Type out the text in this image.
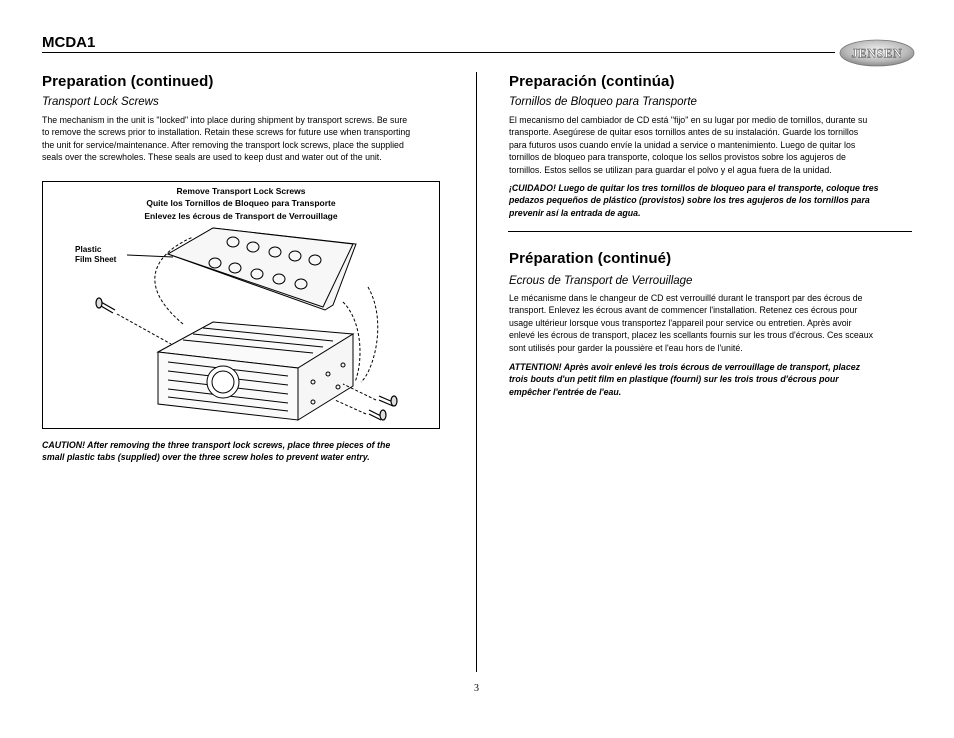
MCDA1
JENSEN
Preparation (continued)
Transport Lock Screws

The mechanism in the unit is "locked" into place during shipment by transport screws. Be sure

to remove the screws prior to installation. Retain these screws for future use when transporting

the unit for service/maintenance. After removing the transport lock screws, place the supplied

seals over the screwholes. These seals are used to keep dust and water out of the unit.

Remove Transport Lock Screws
Quite los Tornillos de Bloqueo para Transporte
Enlevez les écrous de Transport de Verrouillage
Plastic
Film Sheet

CAUTION! After removing the three transport lock screws, place three pieces of the

small plastic tabs (supplied) over the three screw holes to prevent water entry.

Preparación (continúa)
Tornillos de Bloqueo para Transporte

El mecanismo del cambiador de CD está "fijo" en su lugar por medio de tornillos, durante su

transporte. Asegúrese de quitar esos tornillos antes de su instalación. Guarde los tornillos

para futuros usos cuando envíe la unidad a service o mantenimiento. Luego de quitar los

tornillos de bloqueo para transporte, coloque los sellos provistos sobre los agujeros de

tornillos. Estos sellos se utilizan para guardar el polvo y el agua fuera de la unidad.

¡CUIDADO! Luego de quitar los tres tornillos de bloqueo para el transporte, coloque tres

pedazos pequeños de plástico (provistos) sobre los tres agujeros de los tornillos para

prevenir así la entrada de agua.

Préparation (continué)
Ecrous de Transport de Verrouillage

Le mécanisme dans le changeur de CD est verrouillé durant le transport par des écrous de

transport. Enlevez les écrous avant de commencer l'installation. Retenez ces écrous pour

usage ultérieur lorsque vous transportez l'appareil pour service ou entretien. Après avoir

enlevé les écrous de transport, placez les scellants fournis sur les trous d'écrous. Ces sceaux

sont utilisés pour garder la poussière et l'eau hors de l'unité.

ATTENTION! Après avoir enlevé les trois écrous de verrouillage de transport, placez

trois bouts d'un petit film en plastique (fourni) sur les trois trous d'écrous pour

empêcher l'entrée de l'eau.

3
